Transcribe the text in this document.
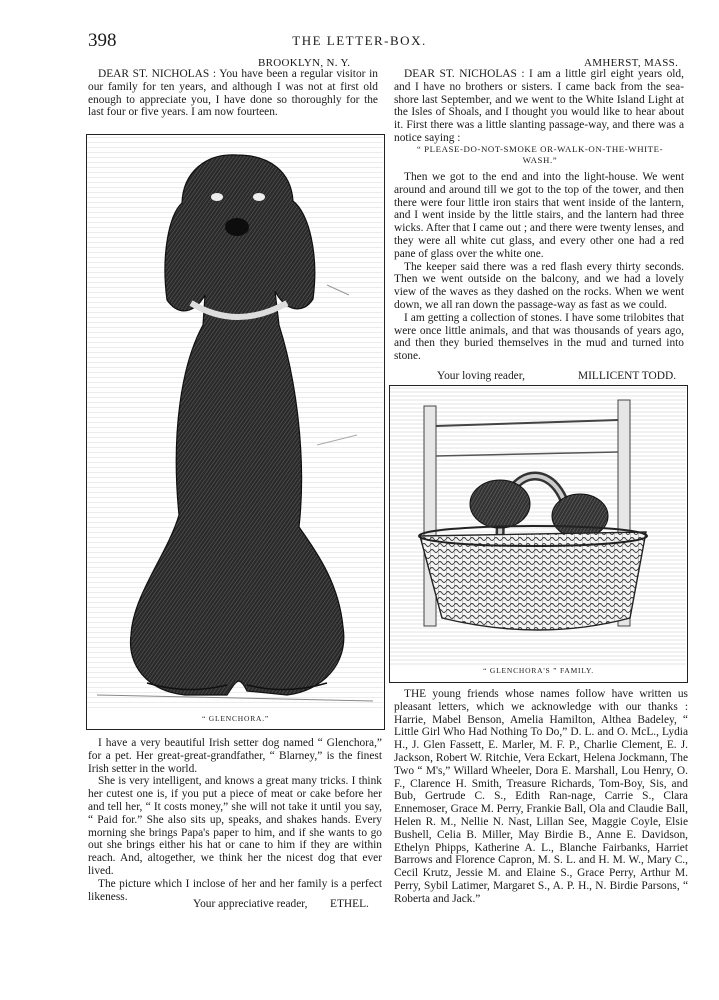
398	THE LETTER-BOX.
BROOKLYN, N. Y.

DEAR ST. NICHOLAS : You have been a regular visitor in our family for ten years, and although I was not at first old enough to appreciate you, I have done so thoroughly for the last four or five years. I am now fourteen.

AMHERST, MASS.

DEAR ST. NICHOLAS : I am a little girl eight years old, and I have no brothers or sisters. I came back from the sea-shore last September, and we went to the White Island Light at the Isles of Shoals, and I thought you would like to hear about it. First there was a little slanting passage-way, and there was a notice saying :

“ PLEASE-DO-NOT-SMOKE OR-WALK-ON-THE-WHITE-WASH.”

Then we got to the end and into the light-house. We went around and around till we got to the top of the tower, and then there were four little iron stairs that went inside of the lantern, and I went inside by the little stairs, and the lantern had three wicks. After that I came out ; and there were twenty lenses, and they were all white cut glass, and every other one had a red pane of glass over the white one.

The keeper said there was a red flash every thirty seconds. Then we went outside on the balcony, and we had a lovely view of the waves as they dashed on the rocks. When we went down, we all ran down the passage-way as fast as we could.

I am getting a collection of stones. I have some trilobites that were once little animals, and that was thousands of years ago, and then they buried themselves in the mud and turned into stone.

Your loving reader,	MILLICENT TODD.
“ GLENCHORA.”
“ GLENCHORA'S ” FAMILY.

I have a very beautiful Irish setter dog named “ Glenchora,” for a pet. Her great-great-grandfather, “ Blarney,” is the finest Irish setter in the world.

She is very intelligent, and knows a great many tricks. I think her cutest one is, if you put a piece of meat or cake before her and tell her, “ It costs money,” she will not take it until you say, “ Paid for.” She also sits up, speaks, and shakes hands. Every morning she brings Papa's paper to him, and if she wants to go out she brings either his hat or cane to him if they are within reach. And, altogether, we think her the nicest dog that ever lived.

The picture which I inclose of her and her family is a perfect likeness.

Your appreciative reader, ETHEL.

THE young friends whose names follow have written us pleasant letters, which we acknowledge with our thanks : Harrie, Mabel Benson, Amelia Hamilton, Althea Badeley, “ Little Girl Who Had Nothing To Do,” D. L. and O. McL., Lydia H., J. Glen Fassett, E. Marler, M. F. P., Charlie Clement, E. J. Jackson, Robert W. Ritchie, Vera Eckart, Helena Jockmann, The Two “ M's,” Willard Wheeler, Dora E. Marshall, Lou Henry, O. F., Clarence H. Smith, Treasure Richards, Tom-Boy, Sis, and Bub, Gertrude C. S., Edith Ran-nage, Carrie S., Clara Ennemoser, Grace M. Perry, Frankie Ball, Ola and Claudie Ball, Helen R. M., Nellie N. Nast, Lillan See, Maggie Coyle, Elsie Bushell, Celia B. Miller, May Birdie B., Anne E. Davidson, Ethelyn Phipps, Katherine A. L., Blanche Fairbanks, Harriet Barrows and Florence Capron, M. S. L. and H. M. W., Mary C., Cecil Krutz, Jessie M. and Elaine S., Grace Perry, Arthur M. Perry, Sybil Latimer, Margaret S., A. P. H., N. Birdie Parsons, “ Roberta and Jack.”
